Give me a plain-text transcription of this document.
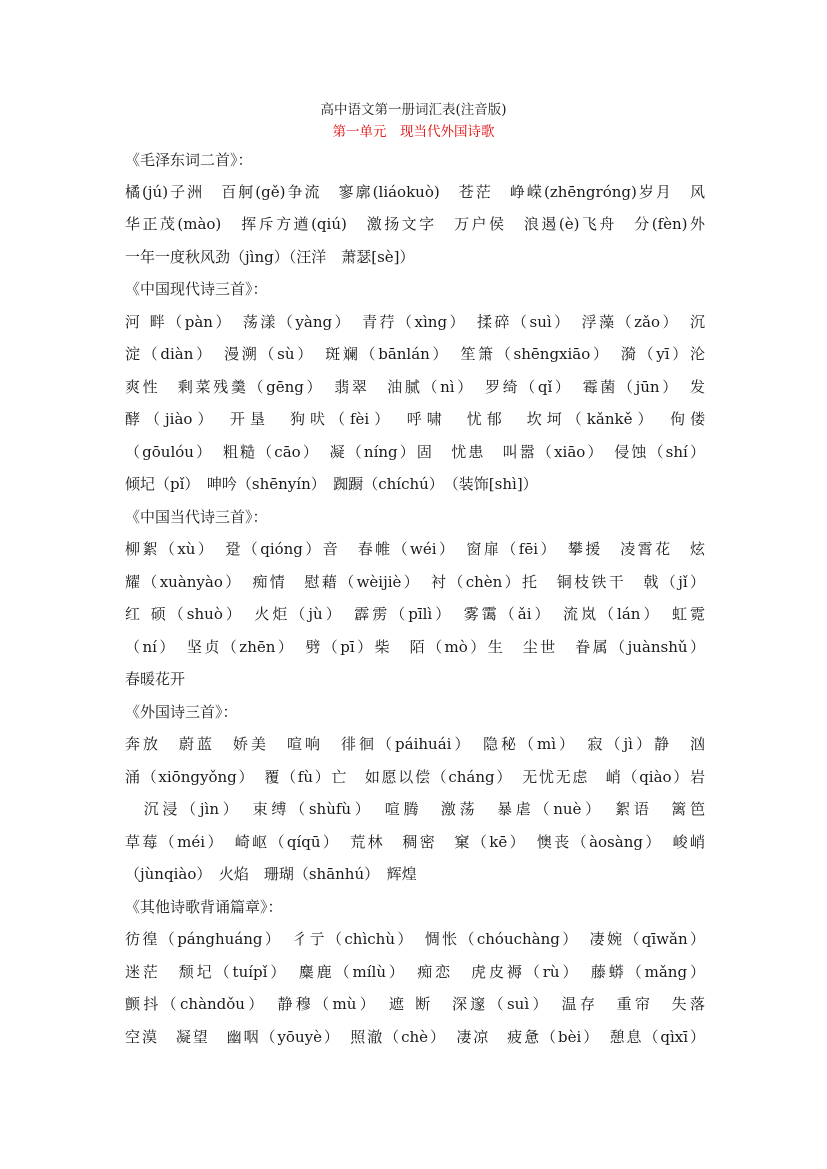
高中语文第一册词汇表(注音版)
第一单元　现当代外国诗歌
《毛泽东词二首》：
橘(jú)子洲　百舸(gě)争流　寥廓(liáokuò)　苍茫　峥嵘(zhēngróng)岁月　风
华正茂(mào)　挥斥方遒(qiú)　激扬文字　万户侯　浪遏(è)飞舟　分(fèn)外
一年一度秋风劲（jìng）（汪洋　萧瑟[sè]）
《中国现代诗三首》：
河 畔（pàn）　荡漾（yàng）　青荇（xìng）　揉碎（suì）　浮藻（zǎo）　沉
淀（diàn）　漫溯（sù）　斑斓（bānlán）　笙箫（shēngxiāo）　漪（yī）沦
爽性　剩菜残羹（gēng）　翡翠　油腻（nì）　罗绮（qǐ）　霉菌（jūn）　发
酵（jiào）　开垦　狗吠（fèi）　呼啸　忧郁　坎坷（kǎnkě）　佝偻
（gōulóu）　粗糙（cāo）　凝（níng）固　忧患　叫嚣（xiāo）　侵蚀（shí）
倾圮（pǐ）　呻吟（shēnyín）　踟蹰（chíchú）　（装饰[shì]）
《中国当代诗三首》：
柳絮（xù）　跫（qióng）音　春帷（wéi）　窗扉（fēi）　攀援　凌霄花　炫
耀（xuànyào）　痴情　慰藉（wèijiè）　衬（chèn）托　铜枝铁干　戟（jǐ）
红 硕（shuò）　火炬（jù）　霹雳（pīlì）　雾霭（ǎi）　流岚（lán）　虹霓
（ní）　坚贞（zhēn）　劈（pī）柴　陌（mò）生　尘世　眷属（juànshǔ）
春暖花开
《外国诗三首》：
奔放　蔚蓝　娇美　喧响　徘徊（páihuái）　隐秘（mì）　寂（jì）静　汹
涌（xiōngyǒng）　覆（fù）亡　如愿以偿（cháng）　无忧无虑　峭（qiào）岩
　沉浸（jìn）　束缚（shùfù）　喧腾　激荡　暴虐（nuè）　絮语　篱笆
草莓（méi）　崎岖（qíqū）　荒林　稠密　窠（kē）　懊丧（àosàng）　峻峭
（jùnqiào）　火焰　珊瑚（shānhú）　辉煌
《其他诗歌背诵篇章》：
彷徨（pánghuáng）　彳亍（chìchù）　惆怅（chóuchàng）　凄婉（qīwǎn）
迷茫　颓圮（tuípǐ）　麋鹿（mílù）　痴恋　虎皮褥（rù）　藤蟒（mǎng）
颤抖（chàndǒu）　静穆（mù）　遮 断　深邃（suì）　温存　重帘　失落
空漠　凝望　幽咽（yōuyè）　照澈（chè）　凄凉　疲惫（bèi）　憩息（qìxī）
